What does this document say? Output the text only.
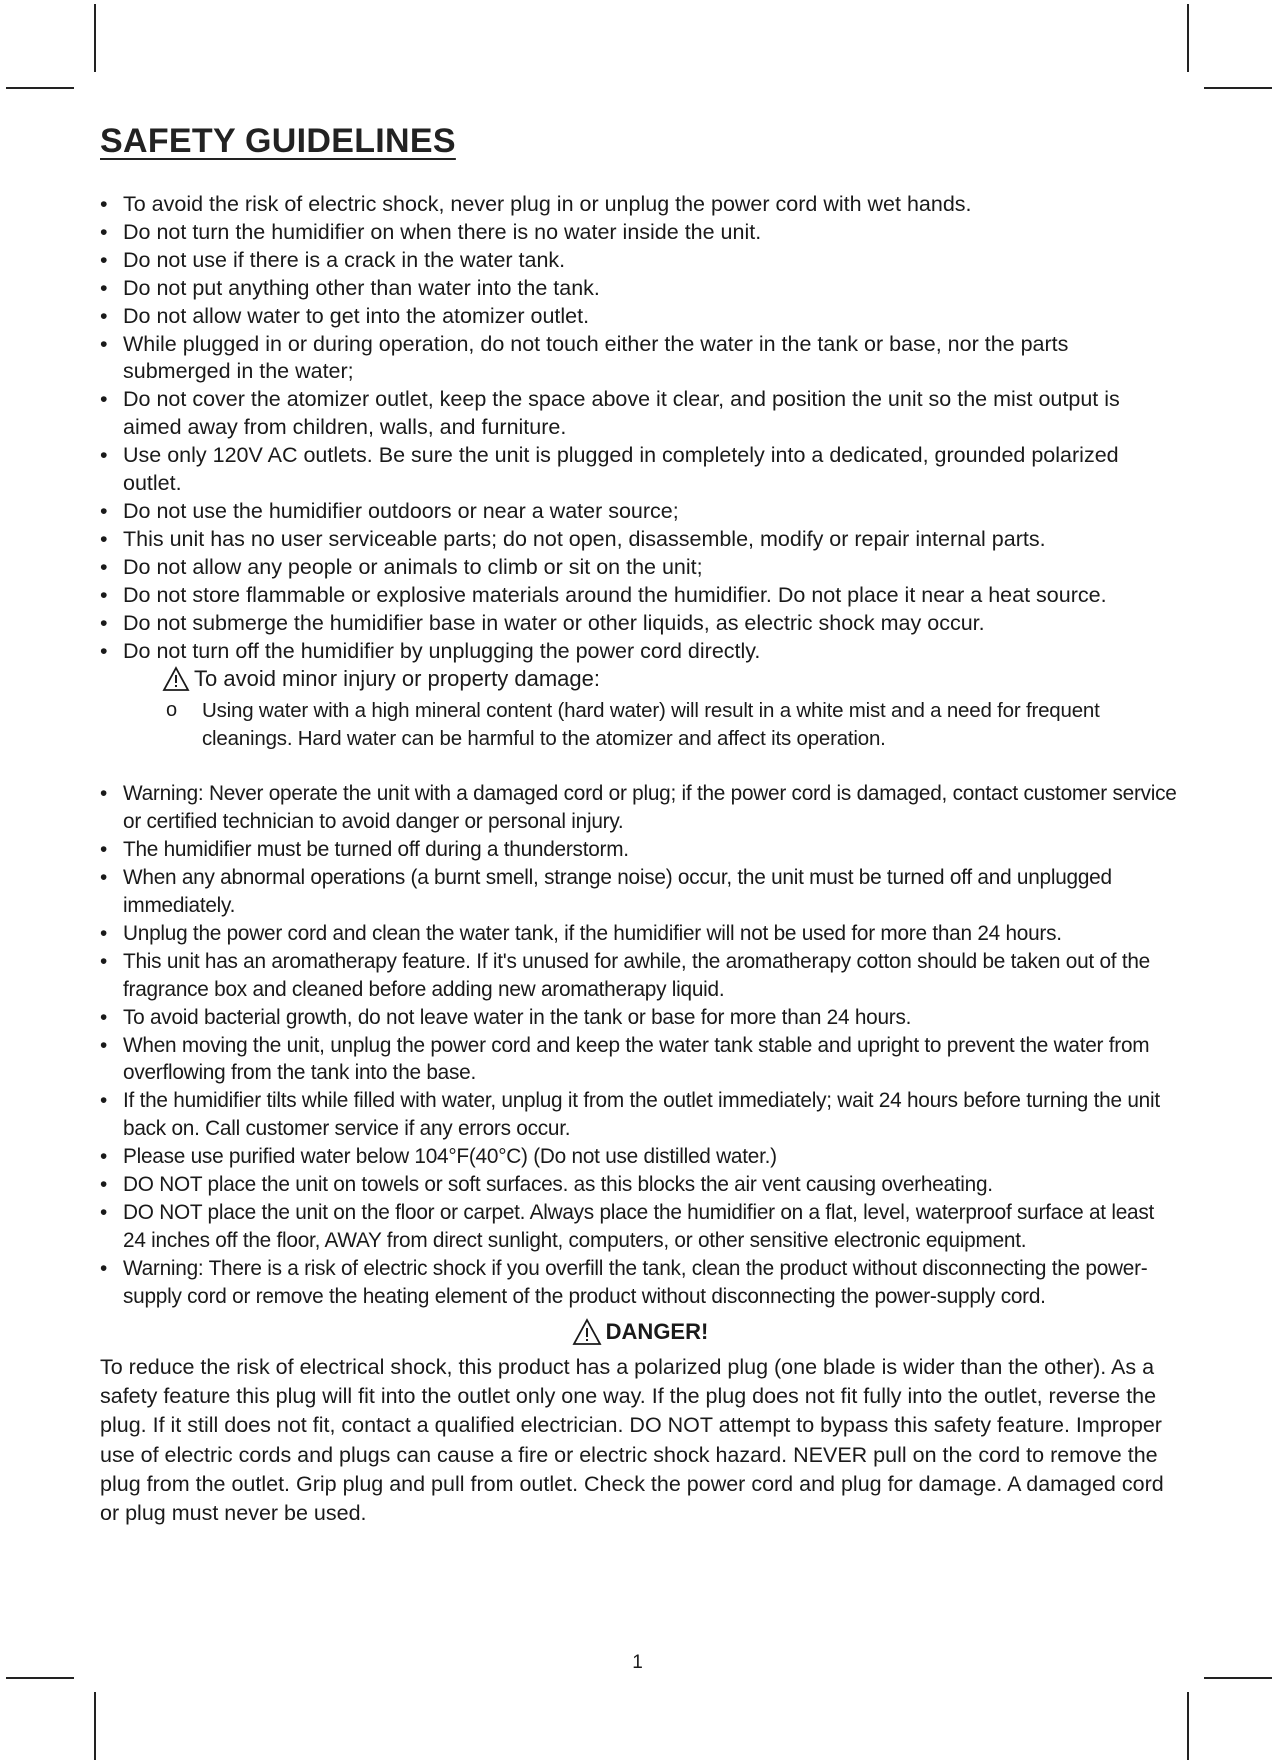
SAFETY GUIDELINES
• To avoid the risk of electric shock, never plug in or unplug the power cord with wet hands.
• Do not turn the humidifier on when there is no water inside the unit.
• Do not use if there is a crack in the water tank.
• Do not put anything other than water into the tank.
• Do not allow water to get into the atomizer outlet.
• While plugged in or during operation, do not touch either the water in the tank or base, nor the parts submerged in the water;
• Do not cover the atomizer outlet, keep the space above it clear, and position the unit so the mist output is aimed away from children, walls, and furniture.
• Use only 120V AC outlets. Be sure the unit is plugged in completely into a dedicated, grounded polarized outlet.
• Do not use the humidifier outdoors or near a water source;
• This unit has no user serviceable parts; do not open, disassemble, modify or repair internal parts.
• Do not allow any people or animals to climb or sit on the unit;
• Do not store flammable or explosive materials around the humidifier. Do not place it near a heat source.
• Do not submerge the humidifier base in water or other liquids, as electric shock may occur.
• Do not turn off the humidifier by unplugging the power cord directly.
To avoid minor injury or property damage:
o Using water with a high mineral content (hard water) will result in a white mist and a need for frequent cleanings. Hard water can be harmful to the atomizer and affect its operation.
• Warning: Never operate the unit with a damaged cord or plug; if the power cord is damaged, contact customer service or certified technician to avoid danger or personal injury.
• The humidifier must be turned off during a thunderstorm.
• When any abnormal operations (a burnt smell, strange noise) occur, the unit must be turned off and unplugged immediately.
• Unplug the power cord and clean the water tank, if the humidifier will not be used for more than 24 hours.
• This unit has an aromatherapy feature. If it's unused for awhile, the aromatherapy cotton should be taken out of the fragrance box and cleaned before adding new aromatherapy liquid.
• To avoid bacterial growth, do not leave water in the tank or base for more than 24 hours.
• When moving the unit, unplug the power cord and keep the water tank stable and upright to prevent the water from overflowing from the tank into the base.
• If the humidifier tilts while filled with water, unplug it from the outlet immediately; wait 24 hours before turning the unit back on. Call customer service if any errors occur.
• Please use purified water below 104°F(40°C) (Do not use distilled water.)
• DO NOT place the unit on towels or soft surfaces. as this blocks the air vent causing overheating.
• DO NOT place the unit on the floor or carpet. Always place the humidifier on a flat, level, waterproof surface at least 24 inches off the floor, AWAY from direct sunlight, computers, or other sensitive electronic equipment.
• Warning: There is a risk of electric shock if you overfill the tank, clean the product without disconnecting the power-supply cord or remove the heating element of the product without disconnecting the power-supply cord.
DANGER!

To reduce the risk of electrical shock, this product has a polarized plug (one blade is wider than the other). As a safety feature this plug will fit into the outlet only one way. If the plug does not fit fully into the outlet, reverse the plug. If it still does not fit, contact a qualified electrician. DO NOT attempt to bypass this safety feature. Improper use of electric cords and plugs can cause a fire or electric shock hazard. NEVER pull on the cord to remove the plug from the outlet. Grip plug and pull from outlet. Check the power cord and plug for damage. A damaged cord or plug must never be used.

1
